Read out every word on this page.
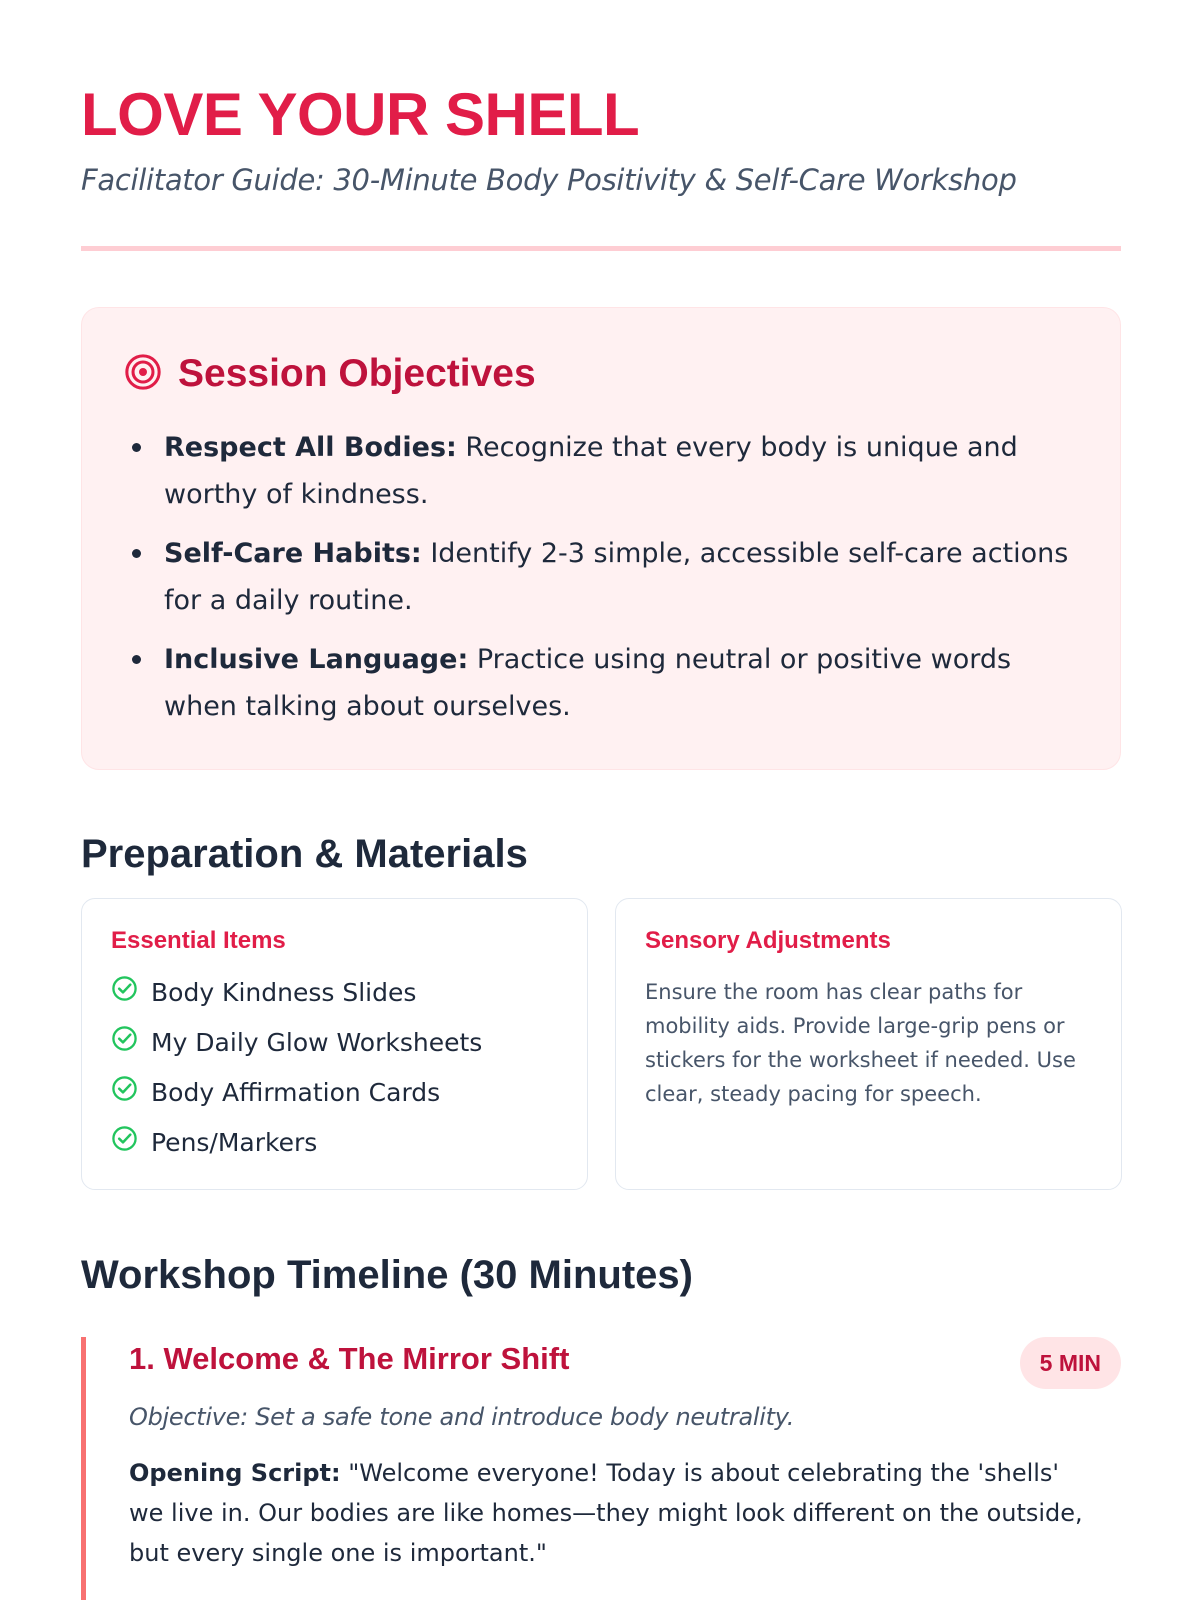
LOVE YOUR SHELL
Facilitator Guide: 30-Minute Body Positivity & Self-Care Workshop
Session Objectives
Respect All Bodies: Recognize that every body is unique and worthy of kindness.
Self-Care Habits: Identify 2-3 simple, accessible self-care actions for a daily routine.
Inclusive Language: Practice using neutral or positive words when talking about ourselves.
Preparation & Materials
Essential Items
Body Kindness Slides
My Daily Glow Worksheets
Body Affirmation Cards
Pens/Markers
Sensory Adjustments

Ensure the room has clear paths for mobility aids. Provide large-grip pens or stickers for the worksheet if needed. Use clear, steady pacing for speech.

Workshop Timeline (30 Minutes)
1. Welcome & The Mirror Shift	5 MIN

Objective: Set a safe tone and introduce body neutrality.

Opening Script: "Welcome everyone! Today is about celebrating the 'shells' we live in. Our bodies are like homes—they might look different on the outside, but every single one is important."
